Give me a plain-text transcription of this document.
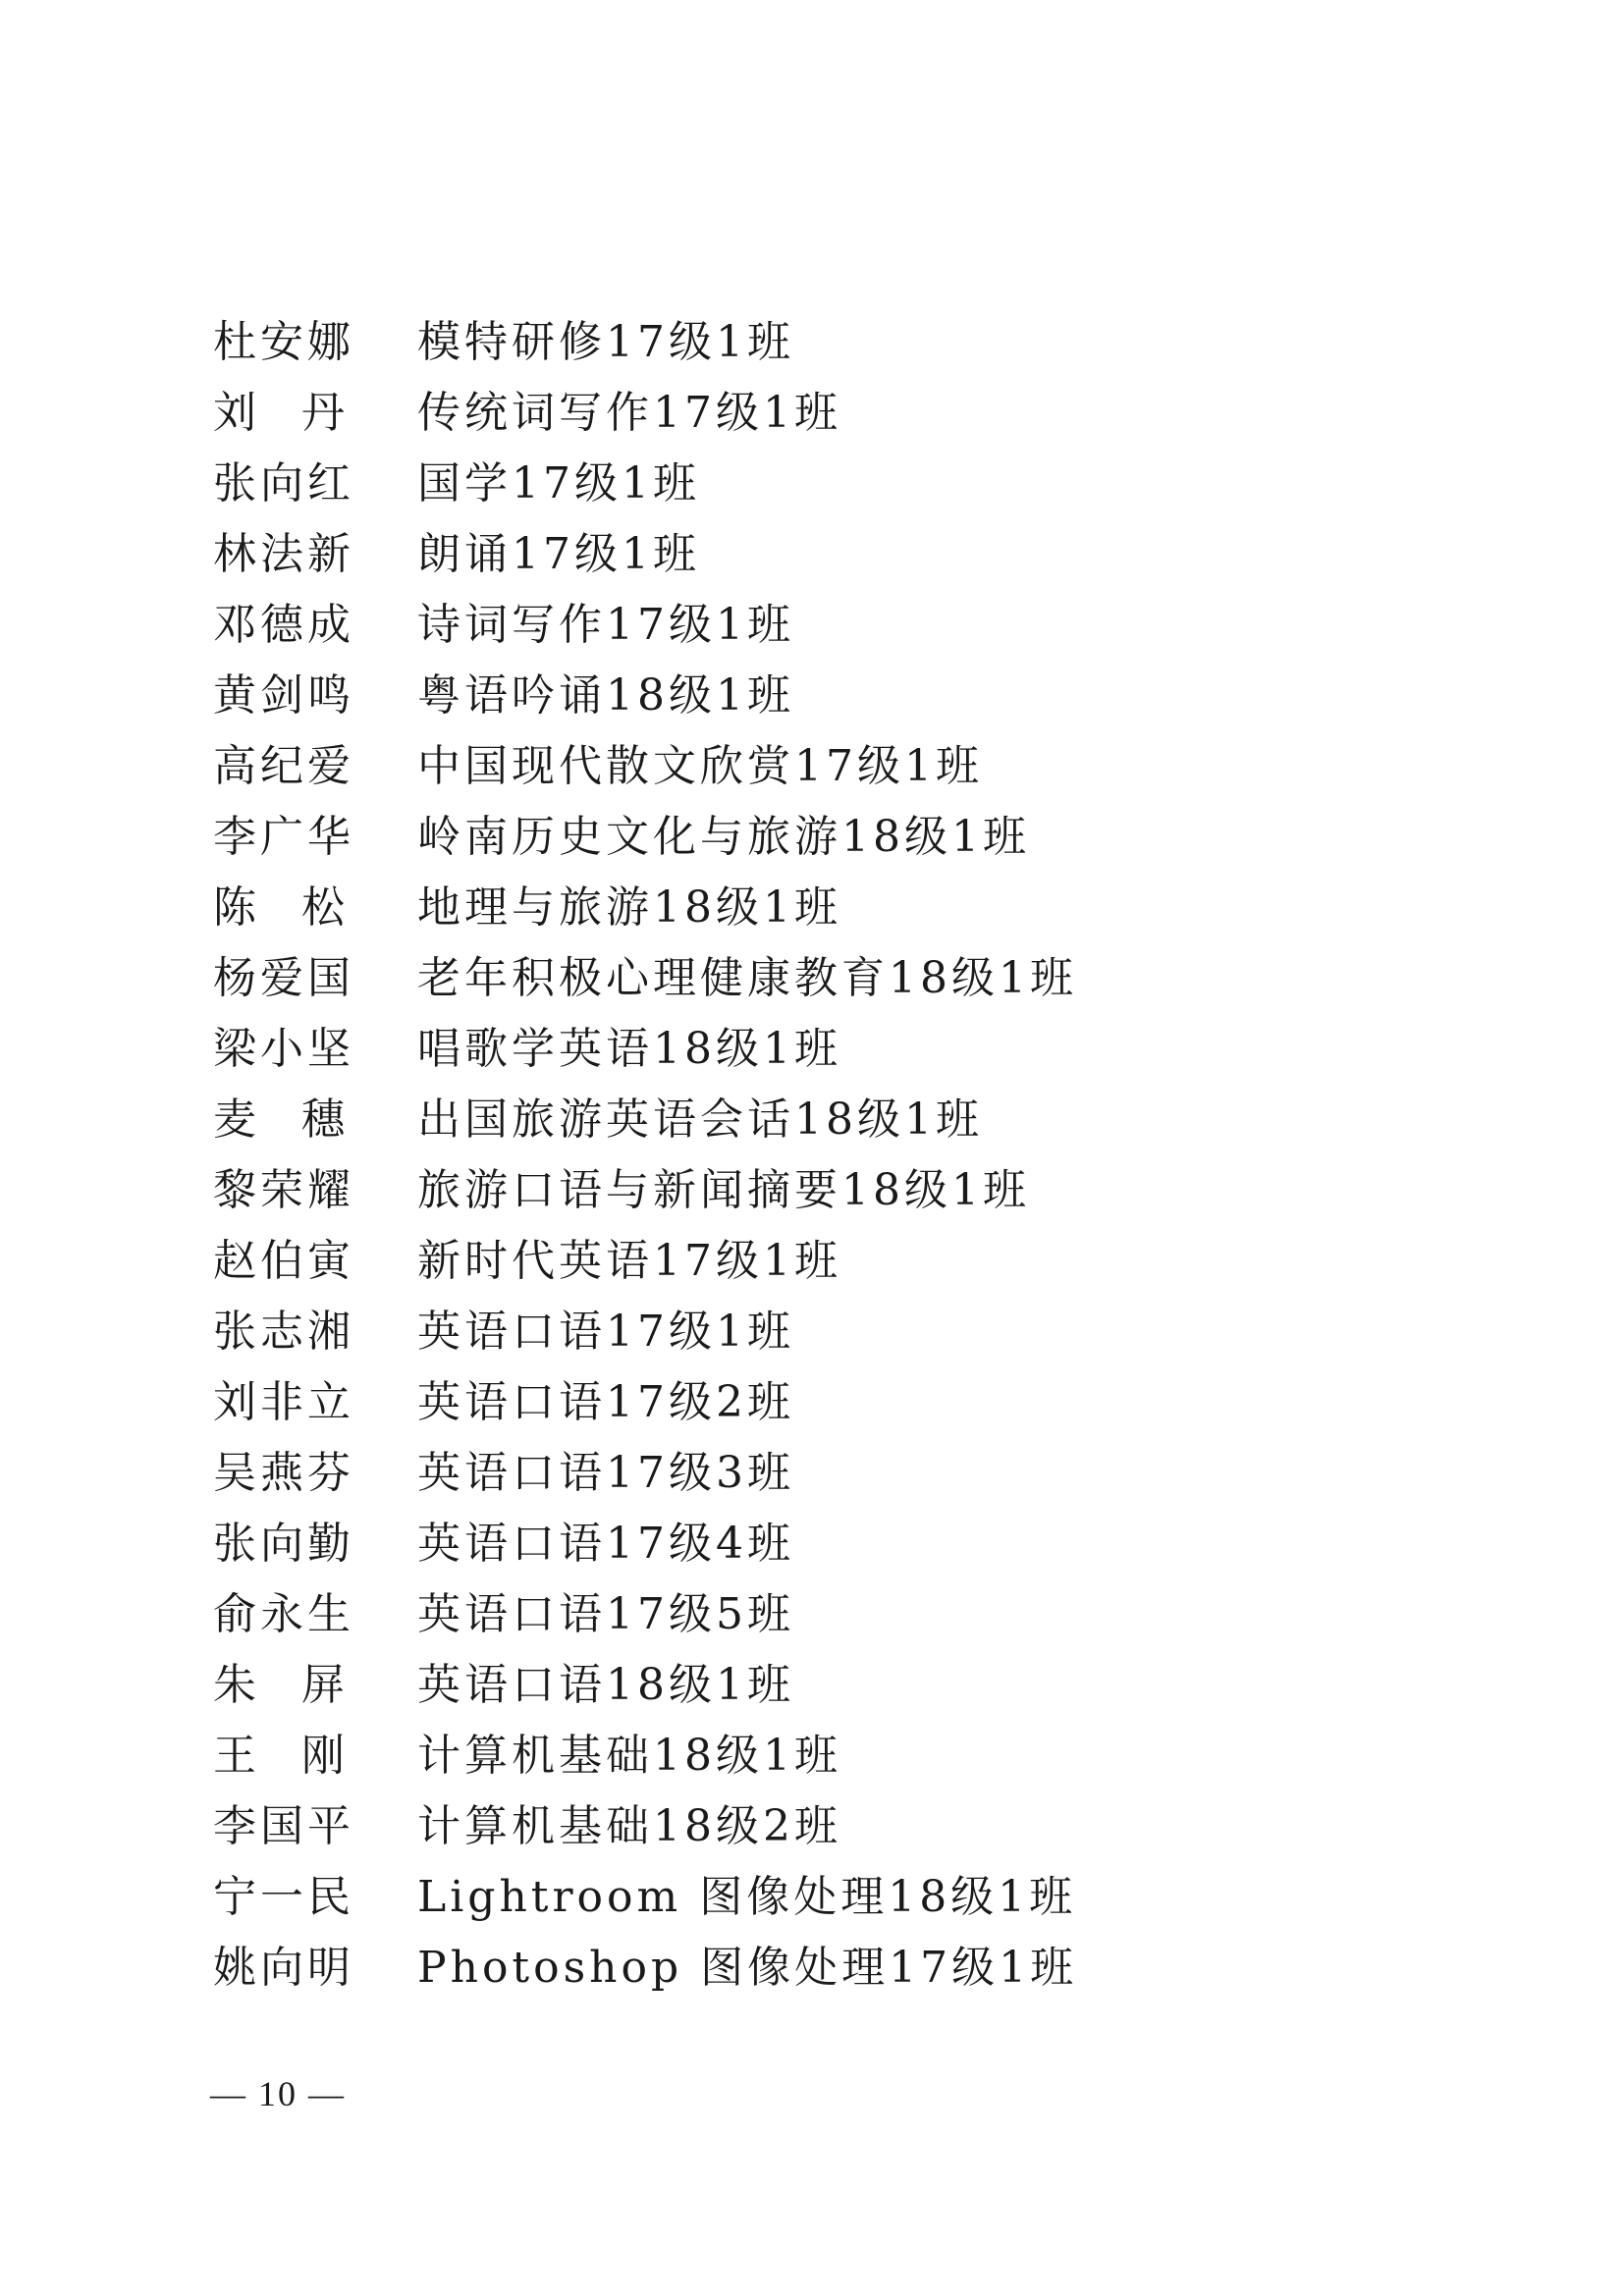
杜安娜 模特研修17级1班
刘 丹 传统词写作17级1班
张向红 国学17级1班
林法新 朗诵17级1班
邓德成 诗词写作17级1班
黄剑鸣 粤语吟诵18级1班
高纪爱 中国现代散文欣赏17级1班
李广华 岭南历史文化与旅游18级1班
陈 松 地理与旅游18级1班
杨爱国 老年积极心理健康教育18级1班
梁小坚 唱歌学英语18级1班
麦 穗 出国旅游英语会话18级1班
黎荣耀 旅游口语与新闻摘要18级1班
赵伯寅 新时代英语17级1班
张志湘 英语口语17级1班
刘非立 英语口语17级2班
吴燕芬 英语口语17级3班
张向勤 英语口语17级4班
俞永生 英语口语17级5班
朱 屏 英语口语18级1班
王 刚 计算机基础18级1班
李国平 计算机基础18级2班
宁一民 Lightroom 图像处理18级1班
姚向明 Photoshop 图像处理17级1班
— 10 —
